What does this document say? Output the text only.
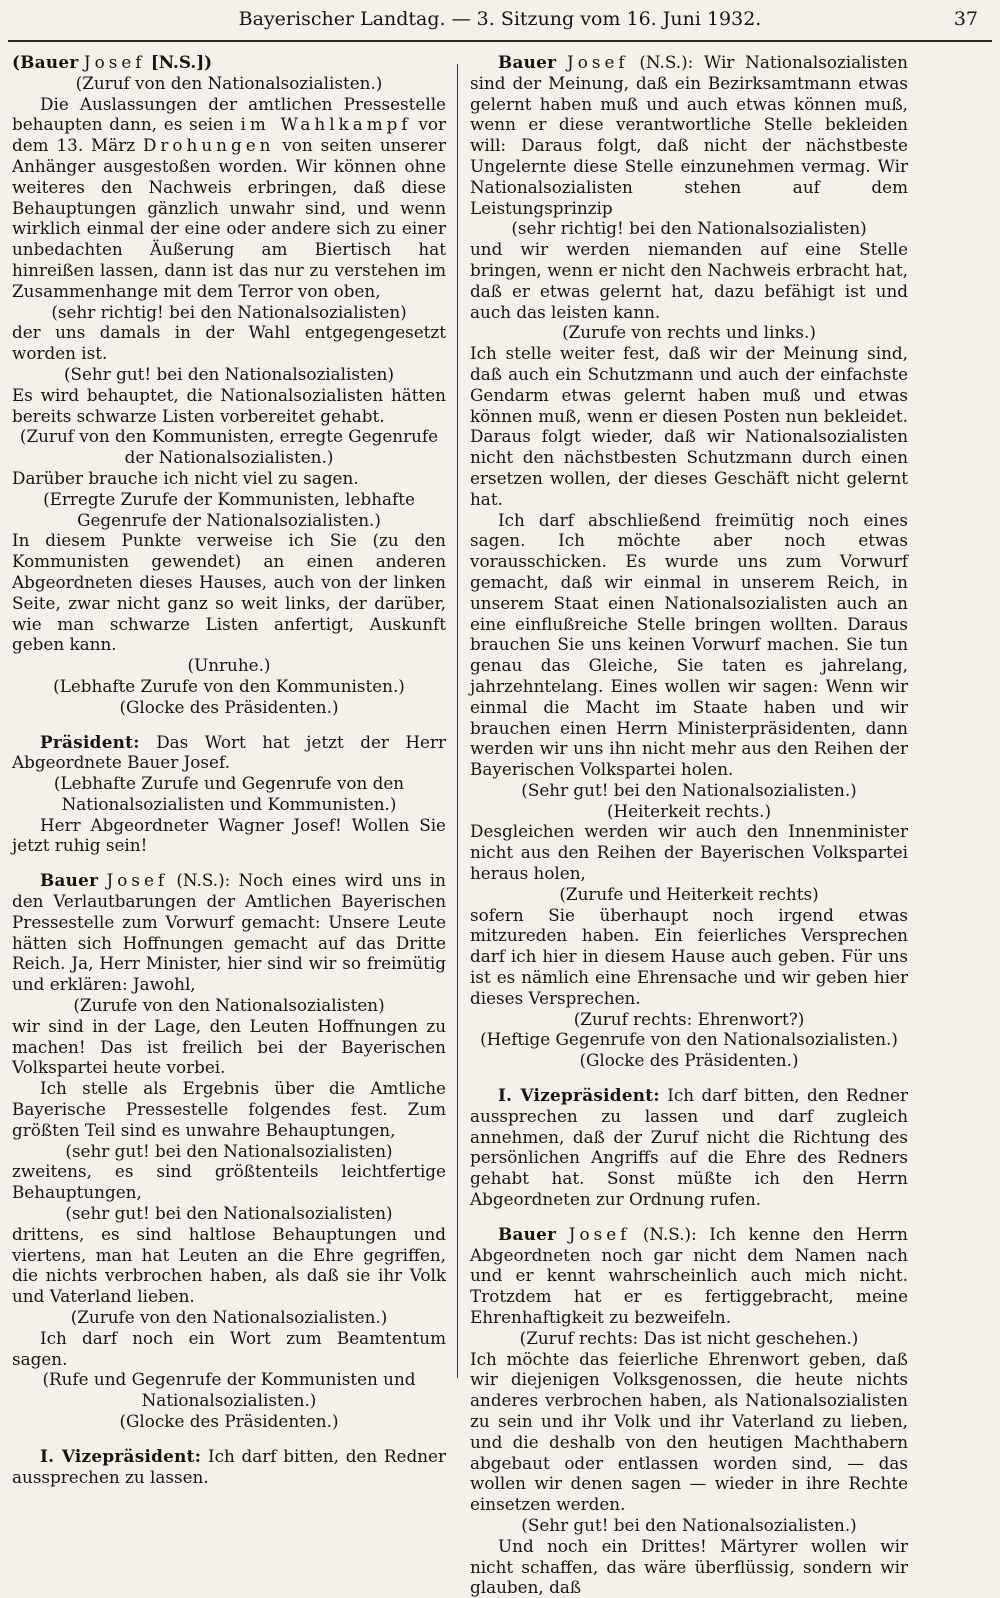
Bayerischer Landtag. — 3. Sitzung vom 16. Juni 1932.	37

(Bauer Josef [N.S.])

(Zuruf von den Nationalsozialisten.)

Die Auslassungen der amtlichen Pressestelle behaupten dann, es seien im Wahlkampf vor dem 13. März Drohungen von seiten unserer Anhänger ausgestoßen worden. Wir können ohne weiteres den Nachweis erbringen, daß diese Behauptungen gänzlich unwahr sind, und wenn wirklich einmal der eine oder andere sich zu einer unbedachten Äußerung am Biertisch hat hinreißen lassen, dann ist das nur zu verstehen im Zusammenhange mit dem Terror von oben,

(sehr richtig! bei den Nationalsozialisten)

der uns damals in der Wahl entgegengesetzt worden ist.

(Sehr gut! bei den Nationalsozialisten)

Es wird behauptet, die Nationalsozialisten hätten bereits schwarze Listen vorbereitet gehabt.

(Zuruf von den Kommunisten, erregte Gegenrufe der Nationalsozialisten.)

Darüber brauche ich nicht viel zu sagen.

(Erregte Zurufe der Kommunisten, lebhafte Gegenrufe der Nationalsozialisten.)

In diesem Punkte verweise ich Sie (zu den Kommunisten gewendet) an einen anderen Abgeordneten dieses Hauses, auch von der linken Seite, zwar nicht ganz so weit links, der darüber, wie man schwarze Listen anfertigt, Auskunft geben kann.

(Unruhe.)

(Lebhafte Zurufe von den Kommunisten.)

(Glocke des Präsidenten.)

Präsident: Das Wort hat jetzt der Herr Abgeordnete Bauer Josef.

(Lebhafte Zurufe und Gegenrufe von den Nationalsozialisten und Kommunisten.)

Herr Abgeordneter Wagner Josef! Wollen Sie jetzt ruhig sein!

Bauer Josef (N.S.): Noch eines wird uns in den Verlautbarungen der Amtlichen Bayerischen Pressestelle zum Vorwurf gemacht: Unsere Leute hätten sich Hoffnungen gemacht auf das Dritte Reich. Ja, Herr Minister, hier sind wir so freimütig und erklären: Jawohl,

(Zurufe von den Nationalsozialisten)

wir sind in der Lage, den Leuten Hoffnungen zu machen! Das ist freilich bei der Bayerischen Volkspartei heute vorbei.

Ich stelle als Ergebnis über die Amtliche Bayerische Pressestelle folgendes fest. Zum größten Teil sind es unwahre Behauptungen,

(sehr gut! bei den Nationalsozialisten)

zweitens, es sind größtenteils leichtfertige Behauptungen,

(sehr gut! bei den Nationalsozialisten)

drittens, es sind haltlose Behauptungen und viertens, man hat Leuten an die Ehre gegriffen, die nichts verbrochen haben, als daß sie ihr Volk und Vaterland lieben.

(Zurufe von den Nationalsozialisten.)

Ich darf noch ein Wort zum Beamtentum sagen.

(Rufe und Gegenrufe der Kommunisten und Nationalsozialisten.)

(Glocke des Präsidenten.)

I. Vizepräsident: Ich darf bitten, den Redner aussprechen zu lassen.

Bauer Josef (N.S.): Wir Nationalsozialisten sind der Meinung, daß ein Bezirksamtmann etwas gelernt haben muß und auch etwas können muß, wenn er diese verantwortliche Stelle bekleiden will: Daraus folgt, daß nicht der nächstbeste Ungelernte diese Stelle einzunehmen vermag. Wir Nationalsozialisten stehen auf dem Leistungsprinzip

(sehr richtig! bei den Nationalsozialisten)

und wir werden niemanden auf eine Stelle bringen, wenn er nicht den Nachweis erbracht hat, daß er etwas gelernt hat, dazu befähigt ist und auch das leisten kann.

(Zurufe von rechts und links.)

Ich stelle weiter fest, daß wir der Meinung sind, daß auch ein Schutzmann und auch der einfachste Gendarm etwas gelernt haben muß und etwas können muß, wenn er diesen Posten nun bekleidet. Daraus folgt wieder, daß wir Nationalsozialisten nicht den nächstbesten Schutzmann durch einen ersetzen wollen, der dieses Geschäft nicht gelernt hat.

Ich darf abschließend freimütig noch eines sagen. Ich möchte aber noch etwas vorausschicken. Es wurde uns zum Vorwurf gemacht, daß wir einmal in unserem Reich, in unserem Staat einen Nationalsozialisten auch an eine einflußreiche Stelle bringen wollten. Daraus brauchen Sie uns keinen Vorwurf machen. Sie tun genau das Gleiche, Sie taten es jahrelang, jahrzehntelang. Eines wollen wir sagen: Wenn wir einmal die Macht im Staate haben und wir brauchen einen Herrn Ministerpräsidenten, dann werden wir uns ihn nicht mehr aus den Reihen der Bayerischen Volkspartei holen.

(Sehr gut! bei den Nationalsozialisten.)

(Heiterkeit rechts.)

Desgleichen werden wir auch den Innenminister nicht aus den Reihen der Bayerischen Volkspartei heraus holen,

(Zurufe und Heiterkeit rechts)

sofern Sie überhaupt noch irgend etwas mitzureden haben. Ein feierliches Versprechen darf ich hier in diesem Hause auch geben. Für uns ist es nämlich eine Ehrensache und wir geben hier dieses Versprechen.

(Zuruf rechts: Ehrenwort?)

(Heftige Gegenrufe von den Nationalsozialisten.)

(Glocke des Präsidenten.)

I. Vizepräsident: Ich darf bitten, den Redner aussprechen zu lassen und darf zugleich annehmen, daß der Zuruf nicht die Richtung des persönlichen Angriffs auf die Ehre des Redners gehabt hat. Sonst müßte ich den Herrn Abgeordneten zur Ordnung rufen.

Bauer Josef (N.S.): Ich kenne den Herrn Abgeordneten noch gar nicht dem Namen nach und er kennt wahrscheinlich auch mich nicht. Trotzdem hat er es fertiggebracht, meine Ehrenhaftigkeit zu bezweifeln.

(Zuruf rechts: Das ist nicht geschehen.)

Ich möchte das feierliche Ehrenwort geben, daß wir diejenigen Volksgenossen, die heute nichts anderes verbrochen haben, als Nationalsozialisten zu sein und ihr Volk und ihr Vaterland zu lieben, und die deshalb von den heutigen Machthabern abgebaut oder entlassen worden sind, — das wollen wir denen sagen — wieder in ihre Rechte einsetzen werden.

(Sehr gut! bei den Nationalsozialisten.)

Und noch ein Drittes! Märtyrer wollen wir nicht schaffen, das wäre überflüssig, sondern wir glauben, daß
